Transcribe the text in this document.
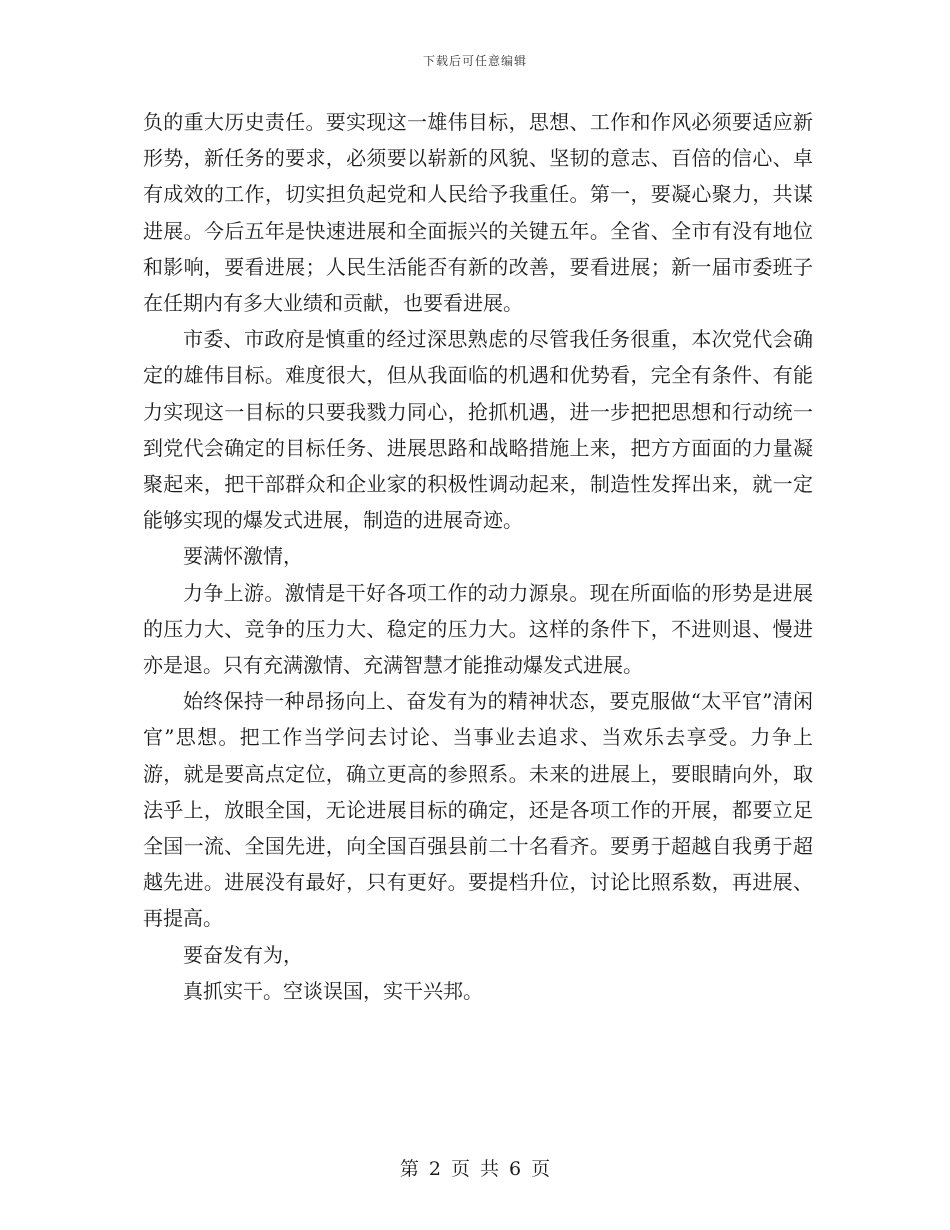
下载后可任意编辑

负的重大历史责任。要实现这一雄伟目标，思想、工作和作风必须要适应新形势，新任务的要求，必须要以崭新的风貌、坚韧的意志、百倍的信心、卓有成效的工作，切实担负起党和人民给予我重任。第一，要凝心聚力，共谋进展。今后五年是快速进展和全面振兴的关键五年。全省、全市有没有地位和影响，要看进展；人民生活能否有新的改善，要看进展；新一届市委班子在任期内有多大业绩和贡献，也要看进展。

市委、市政府是慎重的经过深思熟虑的尽管我任务很重，本次党代会确定的雄伟目标。难度很大，但从我面临的机遇和优势看，完全有条件、有能力实现这一目标的只要我戮力同心，抢抓机遇，进一步把把思想和行动统一到党代会确定的目标任务、进展思路和战略措施上来，把方方面面的力量凝聚起来，把干部群众和企业家的积极性调动起来，制造性发挥出来，就一定能够实现的爆发式进展，制造的进展奇迹。

要满怀激情，

力争上游。激情是干好各项工作的动力源泉。现在所面临的形势是进展的压力大、竞争的压力大、稳定的压力大。这样的条件下，不进则退、慢进亦是退。只有充满激情、充满智慧才能推动爆发式进展。

始终保持一种昂扬向上、奋发有为的精神状态，要克服做“太平官”清闲官”思想。把工作当学问去讨论、当事业去追求、当欢乐去享受。力争上游，就是要高点定位，确立更高的参照系。未来的进展上，要眼睛向外，取法乎上，放眼全国，无论进展目标的确定，还是各项工作的开展，都要立足全国一流、全国先进，向全国百强县前二十名看齐。要勇于超越自我勇于超越先进。进展没有最好，只有更好。要提档升位，讨论比照系数，再进展、再提高。

要奋发有为，

真抓实干。空谈误国，实干兴邦。

第 2 页 共 6 页
